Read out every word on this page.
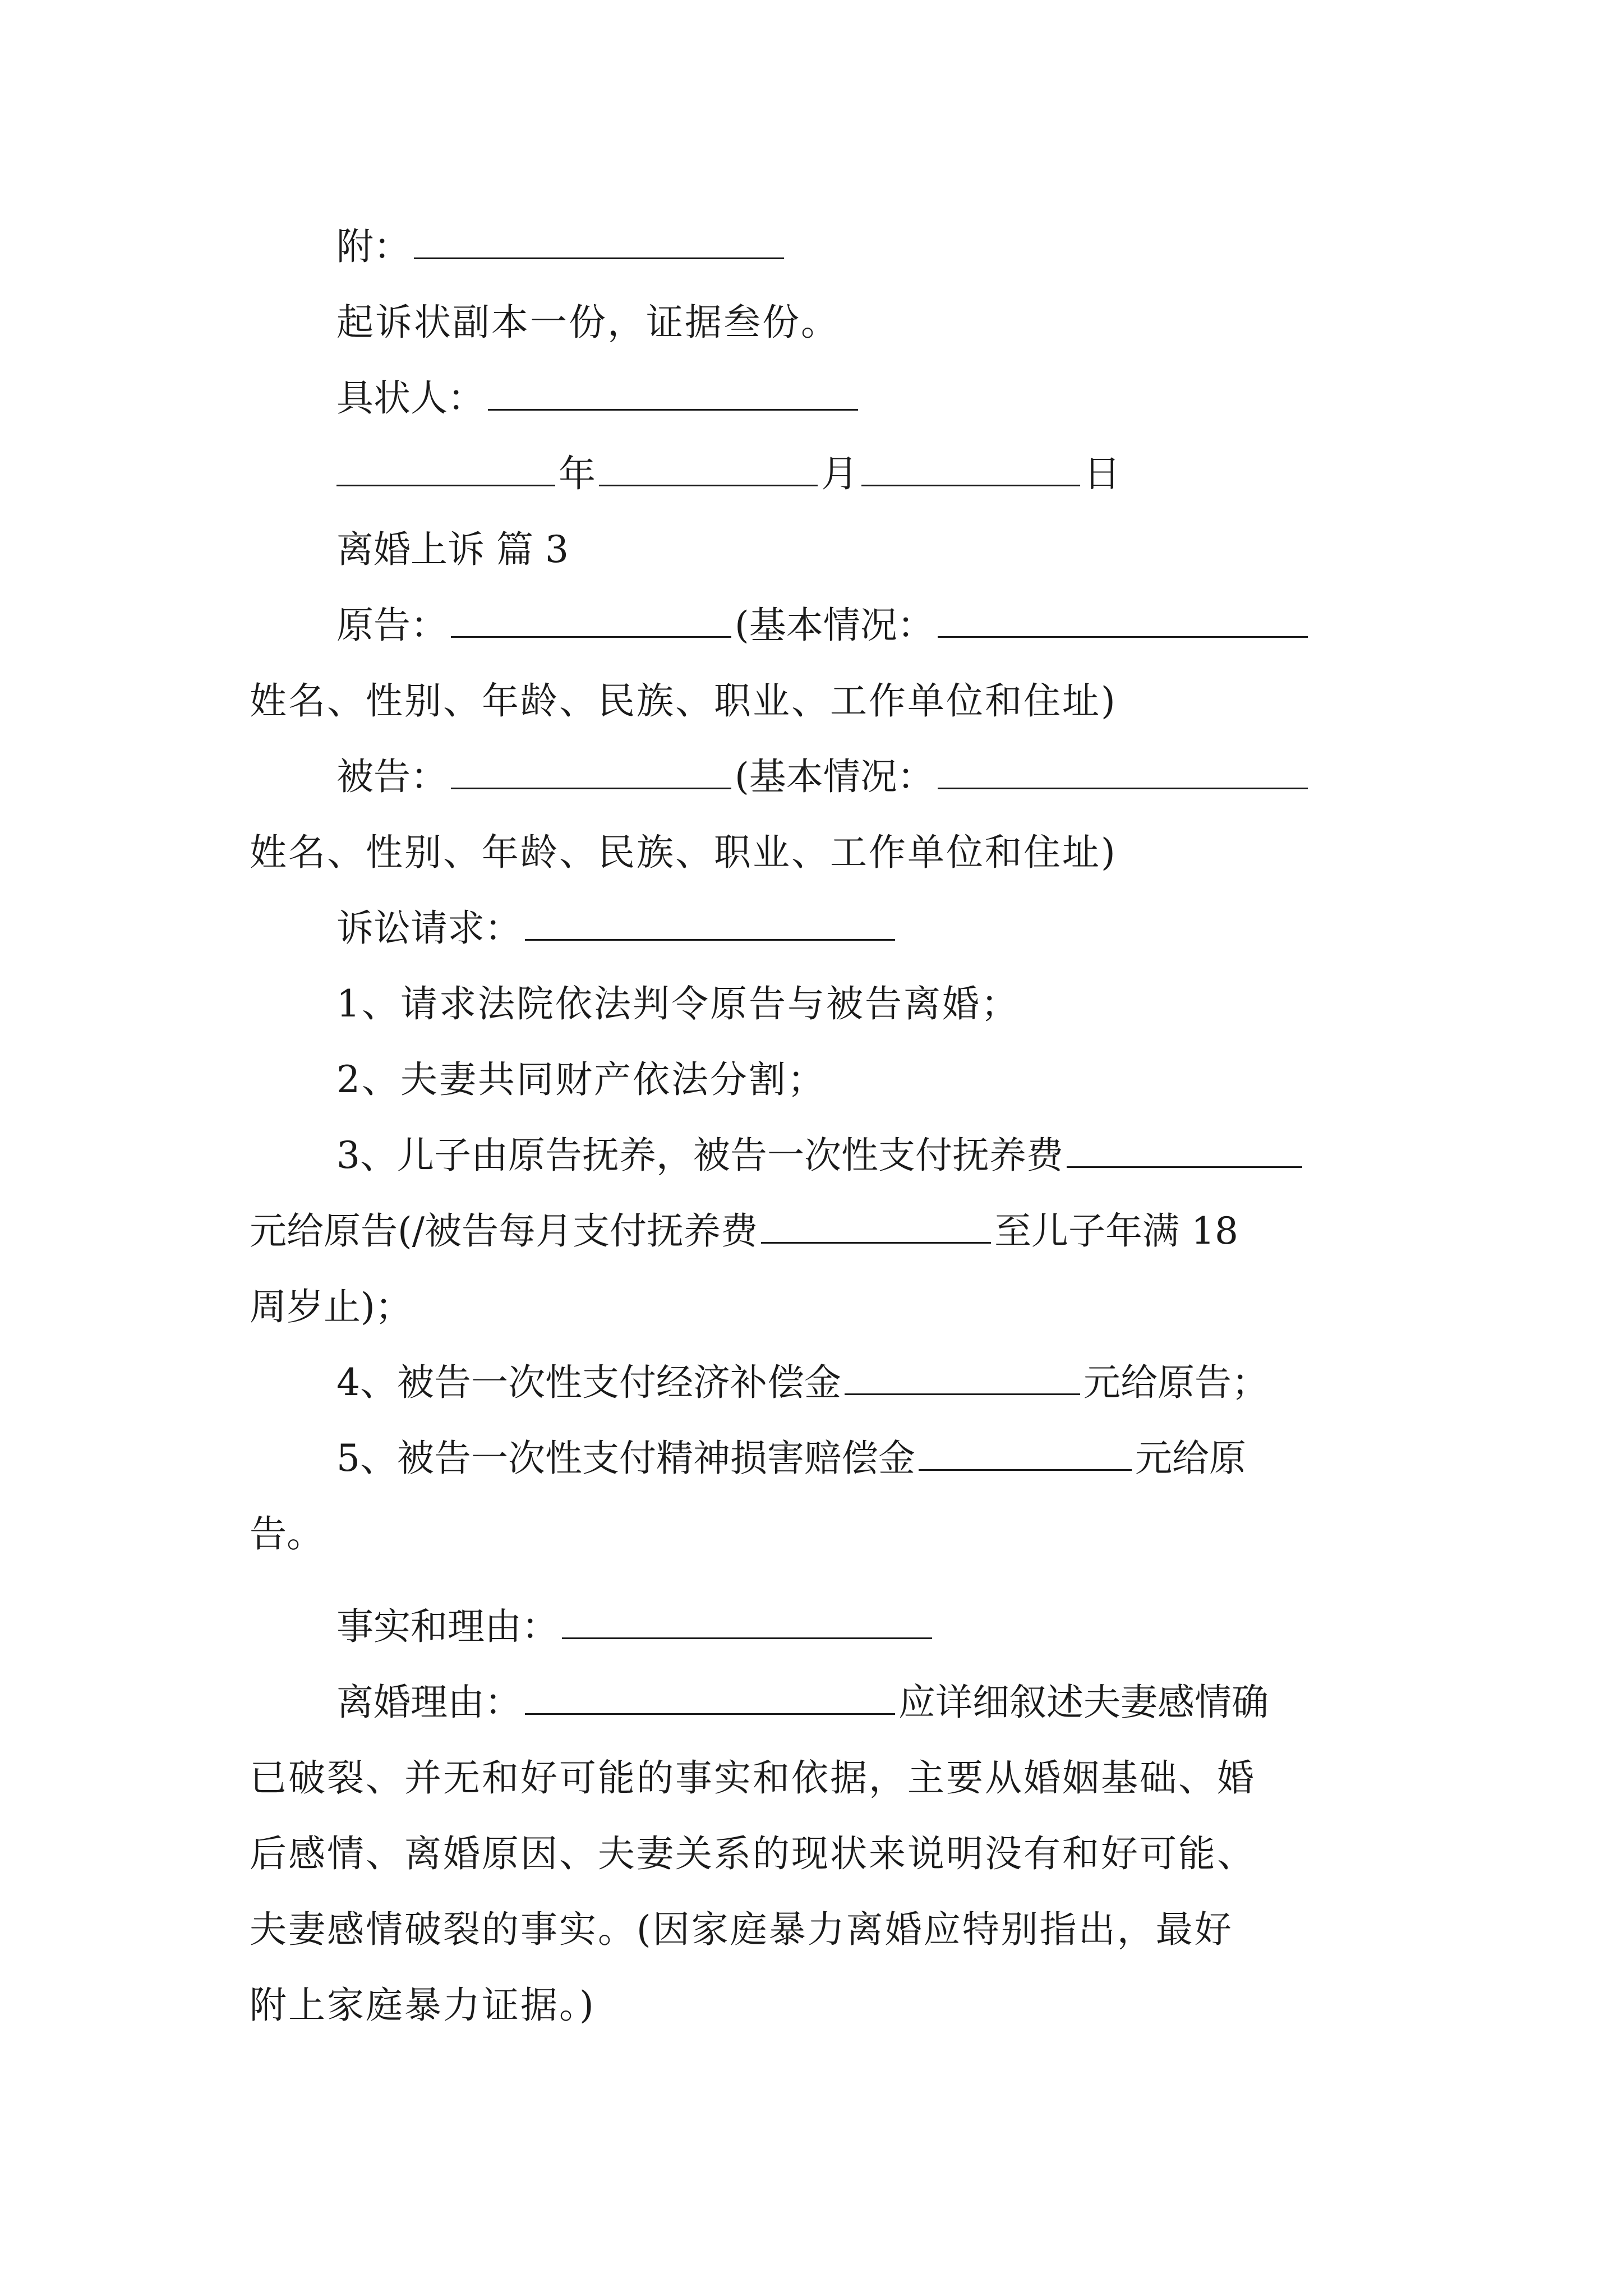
附：
起诉状副本一份，证据叁份。
具状人：
年	月	日
离婚上诉 篇 3
原告：	(基本情况：
姓名、性别、年龄、民族、职业、工作单位和住址)
被告：	(基本情况：
姓名、性别、年龄、民族、职业、工作单位和住址)
诉讼请求：
1、请求法院依法判令原告与被告离婚；
2、夫妻共同财产依法分割；
3、儿子由原告抚养，被告一次性支付抚养费
元给原告(/被告每月支付抚养费	至儿子年满 18
周岁止)；
4、被告一次性支付经济补偿金	元给原告；
5、被告一次性支付精神损害赔偿金	元给原
告。
事实和理由：
离婚理由：	应详细叙述夫妻感情确
已破裂、并无和好可能的事实和依据，主要从婚姻基础、婚
后感情、离婚原因、夫妻关系的现状来说明没有和好可能、
夫妻感情破裂的事实。(因家庭暴力离婚应特别指出，最好
附上家庭暴力证据。)
